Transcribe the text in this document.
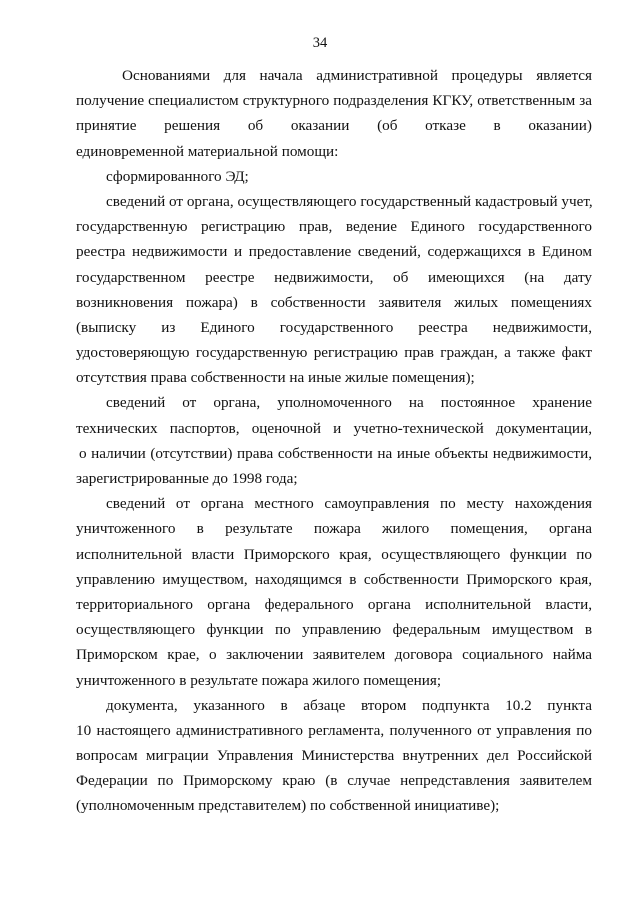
34
Основаниями для начала административной процедуры является
получение специалистом структурного подразделения КГКУ, ответственным за
принятие решения об оказании (об отказе в оказании)
единовременной материальной помощи:
сформированного ЭД;
сведений от органа, осуществляющего государственный кадастровый учет,
государственную регистрацию прав, ведение Единого государственного
реестра недвижимости и предоставление сведений, содержащихся в Едином
государственном реестре недвижимости, об имеющихся (на дату
возникновения пожара) в собственности заявителя жилых помещениях
(выписку из Единого государственного реестра недвижимости,
удостоверяющую государственную регистрацию прав граждан, а также факт
отсутствия права собственности на иные жилые помещения);
сведений от органа, уполномоченного на постоянное хранение
технических паспортов, оценочной и учетно-технической документации,
о наличии (отсутствии) права собственности на иные объекты недвижимости,
зарегистрированные до 1998 года;
сведений от органа местного самоуправления по месту нахождения
уничтоженного в результате пожара жилого помещения, органа
исполнительной власти Приморского края, осуществляющего функции по
управлению имуществом, находящимся в собственности Приморского края,
территориального органа федерального органа исполнительной власти,
осуществляющего функции по управлению федеральным имуществом в
Приморском крае, о заключении заявителем договора социального найма
уничтоженного в результате пожара жилого помещения;
документа, указанного в абзаце втором подпункта 10.2 пункта
10 настоящего административного регламента, полученного от управления по
вопросам миграции Управления Министерства внутренних дел Российской
Федерации по Приморскому краю (в случае непредставления заявителем
(уполномоченным представителем) по собственной инициативе);
